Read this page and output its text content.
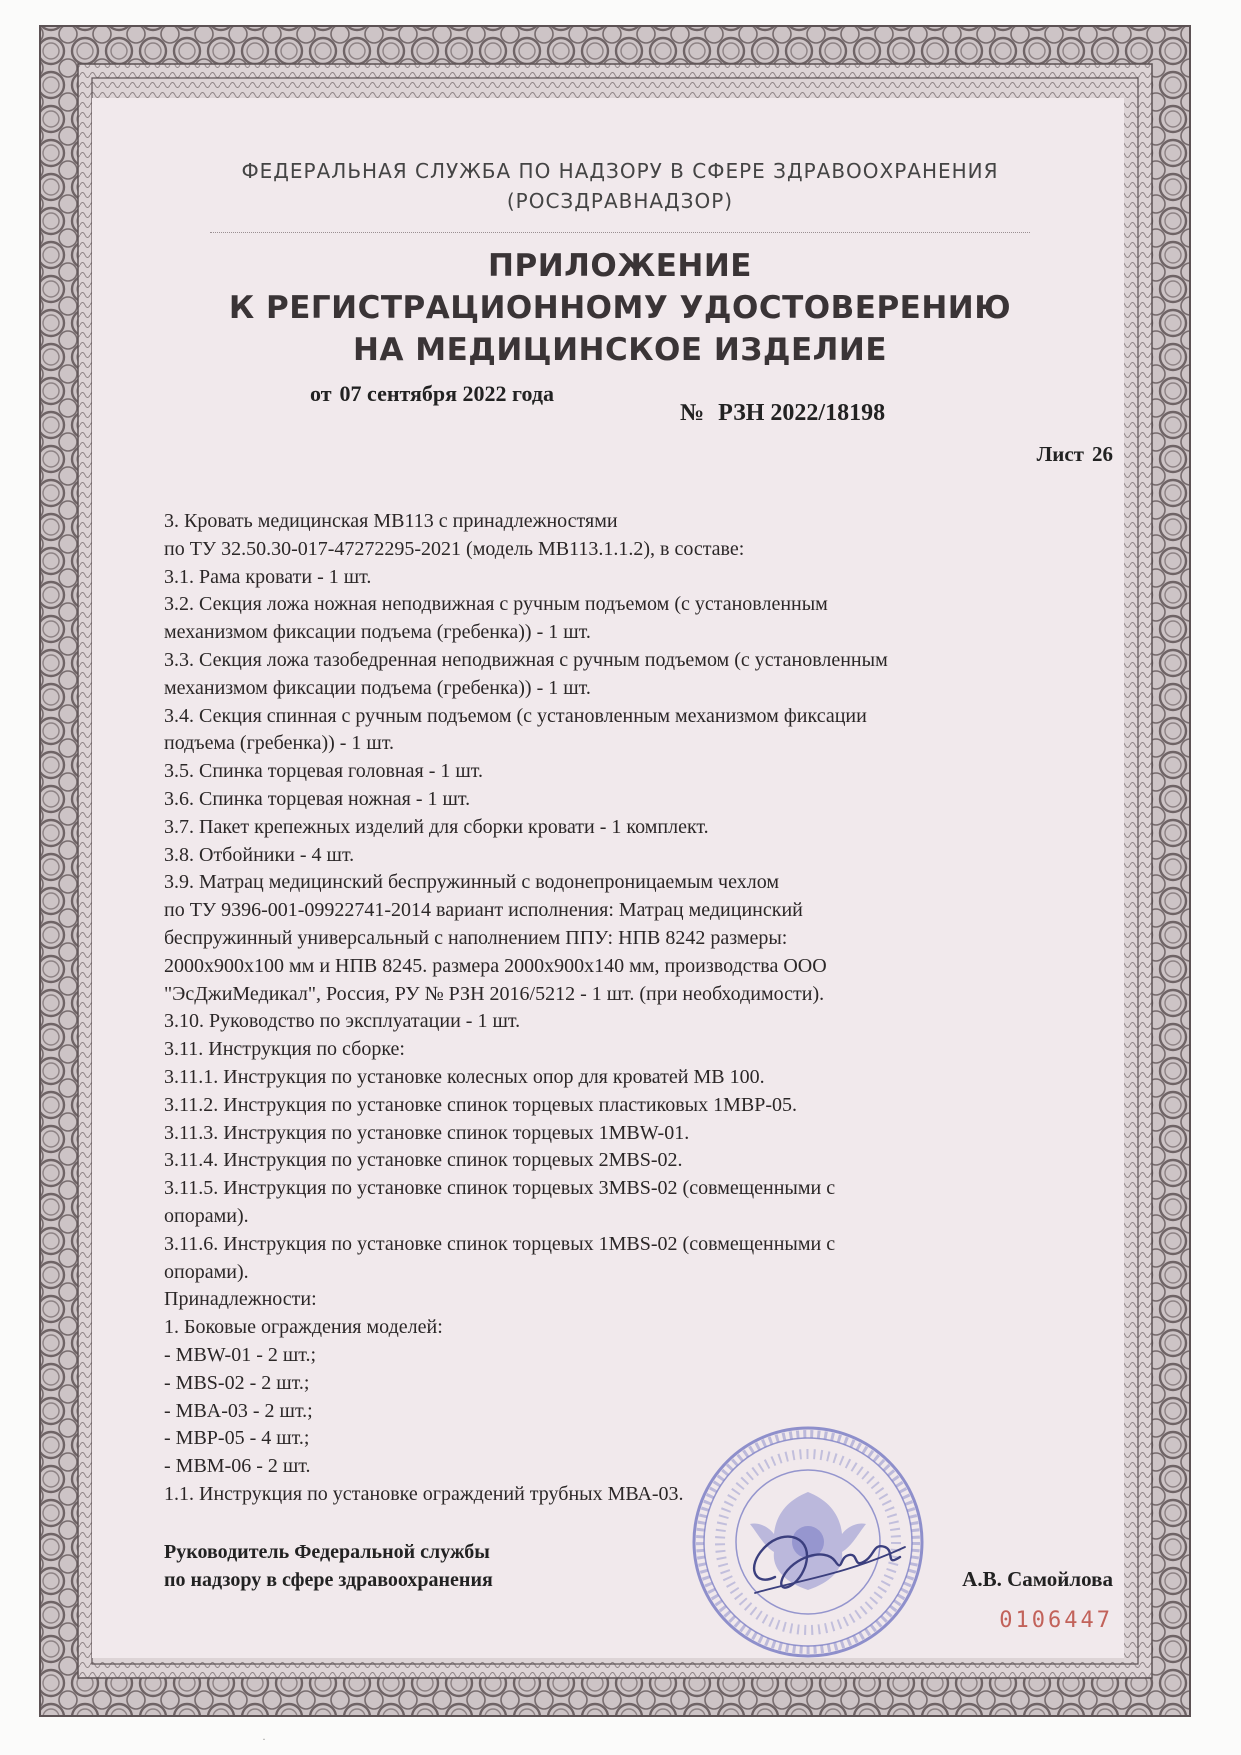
ФЕДЕРАЛЬНАЯ СЛУЖБА ПО НАДЗОРУ В СФЕРЕ ЗДРАВООХРАНЕНИЯ
(РОСЗДРАВНАДЗОР)
ПРИЛОЖЕНИЕ
К РЕГИСТРАЦИОННОМУ УДОСТОВЕРЕНИЮ
НА МЕДИЦИНСКОЕ ИЗДЕЛИЕ
от 07 сентября 2022 года
№ РЗН 2022/18198
Лист 26
3. Кровать медицинская МВ113 с принадлежностями
по ТУ 32.50.30-017-47272295-2021 (модель МВ113.1.1.2), в составе:
3.1. Рама кровати - 1 шт.
3.2. Секция ложа ножная неподвижная с ручным подъемом (с установленным
механизмом фиксации подъема (гребенка)) - 1 шт.
3.3. Секция ложа тазобедренная неподвижная с ручным подъемом (с установленным
механизмом фиксации подъема (гребенка)) - 1 шт.
3.4. Секция спинная с ручным подъемом (с установленным механизмом фиксации
подъема (гребенка)) - 1 шт.
3.5. Спинка торцевая головная - 1 шт.
3.6. Спинка торцевая ножная - 1 шт.
3.7. Пакет крепежных изделий для сборки кровати - 1 комплект.
3.8. Отбойники - 4 шт.
3.9. Матрац медицинский беспружинный с водонепроницаемым чехлом
по ТУ 9396-001-09922741-2014 вариант исполнения: Матрац медицинский
беспружинный универсальный с наполнением ППУ: НПВ 8242 размеры:
2000х900х100 мм и НПВ 8245. размера 2000х900х140 мм, производства ООО
"ЭсДжиМедикал", Россия, РУ № РЗН 2016/5212 - 1 шт. (при необходимости).
3.10. Руководство по эксплуатации - 1 шт.
3.11. Инструкция по сборке:
3.11.1. Инструкция по установке колесных опор для кроватей МВ 100.
3.11.2. Инструкция по установке спинок торцевых пластиковых 1MBP-05.
3.11.3. Инструкция по установке спинок торцевых 1MBW-01.
3.11.4. Инструкция по установке спинок торцевых 2MBS-02.
3.11.5. Инструкция по установке спинок торцевых 3MBS-02 (совмещенными с
опорами).
3.11.6. Инструкция по установке спинок торцевых 1MBS-02 (совмещенными с
опорами).
Принадлежности:
1. Боковые ограждения моделей:
- MBW-01 - 2 шт.;
- MBS-02 - 2 шт.;
- MBA-03 - 2 шт.;
- MBP-05 - 4 шт.;
- MBM-06 - 2 шт.
1.1. Инструкция по установке ограждений трубных МВА-03.
Руководитель Федеральной службы
по надзору в сфере здравоохранения	А.В. Самойлова
0106447
·
